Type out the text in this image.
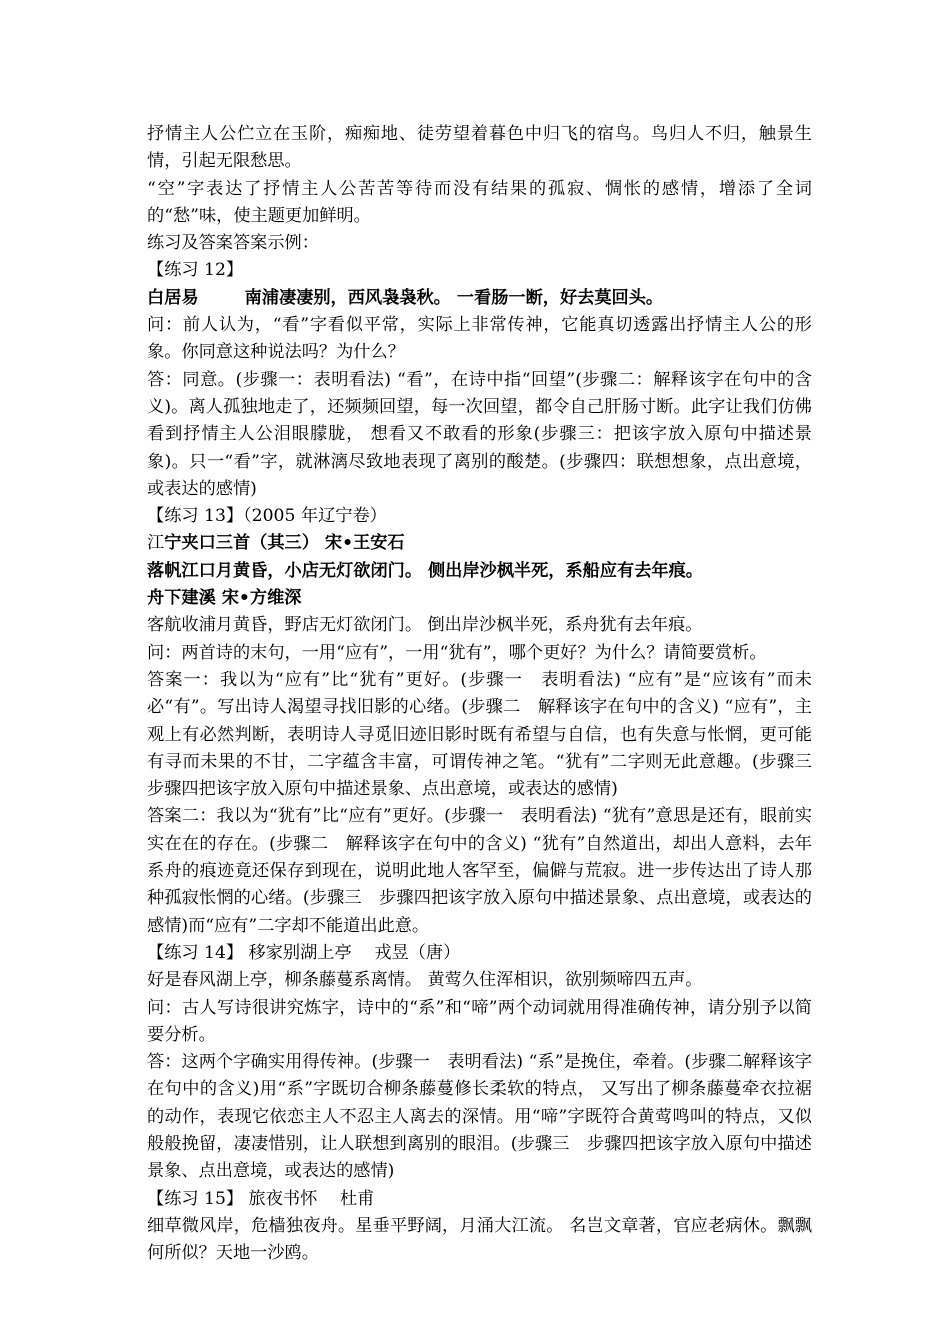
抒情主人公伫立在玉阶，痴痴地、徒劳望着暮色中归飞的宿鸟。鸟归人不归，触景生情，引起无限愁思。

“空”字表达了抒情主人公苦苦等待而没有结果的孤寂、惆怅的感情，增添了全词的“愁”味，使主题更加鲜明。

练习及答案答案示例：

【练习 12】

白居易	南浦凄凄别，西风袅袅秋。 一看肠一断，好去莫回头。

问：前人认为，“看”字看似平常，实际上非常传神，它能真切透露出抒情主人公的形象。你同意这种说法吗？为什么？

答：同意。(步骤一：表明看法) “看”，在诗中指“回望”(步骤二：解释该字在句中的含义)。离人孤独地走了，还频频回望，每一次回望，都令自己肝肠寸断。此字让我们仿佛看到抒情主人公泪眼朦胧， 想看又不敢看的形象(步骤三：把该字放入原句中描述景象)。只一“看”字，就淋漓尽致地表现了离别的酸楚。(步骤四：联想想象，点出意境，或表达的感情)

【练习 13】（2005 年辽宁卷）

江宁夹口三首（其三） 宋•王安石

落帆江口月黄昏，小店无灯欲闭门。 侧出岸沙枫半死，系船应有去年痕。

舟下建溪 宋•方维深

客航收浦月黄昏，野店无灯欲闭门。 倒出岸沙枫半死，系舟犹有去年痕。

问：两首诗的末句，一用“应有”，一用“犹有”，哪个更好？为什么？请简要赏析。

答案一：我以为“应有”比“犹有”更好。(步骤一　表明看法) “应有”是“应该有”而未必“有”。写出诗人渴望寻找旧影的心绪。(步骤二　解释该字在句中的含义) “应有”，主观上有必然判断，表明诗人寻觅旧迹旧影时既有希望与自信，也有失意与怅惘，更可能有寻而未果的不甘，二字蕴含丰富，可谓传神之笔。“犹有”二字则无此意趣。(步骤三　步骤四把该字放入原句中描述景象、点出意境，或表达的感情)

答案二：我以为“犹有”比“应有”更好。(步骤一　表明看法) “犹有”意思是还有，眼前实实在在的存在。(步骤二　解释该字在句中的含义) “犹有”自然道出，却出人意料，去年系舟的痕迹竟还保存到现在，说明此地人客罕至，偏僻与荒寂。进一步传达出了诗人那种孤寂怅惘的心绪。(步骤三　步骤四把该字放入原句中描述景象、点出意境，或表达的感情)而“应有”二字却不能道出此意。

【练习 14】 移家别湖上亭　 戎昱（唐）

好是春风湖上亭，柳条藤蔓系离情。 黄莺久住浑相识，欲别频啼四五声。

问：古人写诗很讲究炼字，诗中的“系”和“啼”两个动词就用得准确传神，请分别予以简要分析。

答：这两个字确实用得传神。(步骤一　表明看法) “系”是挽住，牵着。(步骤二解释该字在句中的含义)用“系”字既切合柳条藤蔓修长柔软的特点， 又写出了柳条藤蔓牵衣拉裾的动作，表现它依恋主人不忍主人离去的深情。用“啼”字既符合黄莺鸣叫的特点，又似般般挽留，凄凄惜别，让人联想到离别的眼泪。(步骤三　步骤四把该字放入原句中描述景象、点出意境，或表达的感情)

【练习 15】 旅夜书怀　 杜甫

细草微风岸，危樯独夜舟。星垂平野阔，月涌大江流。 名岂文章著，官应老病休。飘飘何所似？天地一沙鸥。
